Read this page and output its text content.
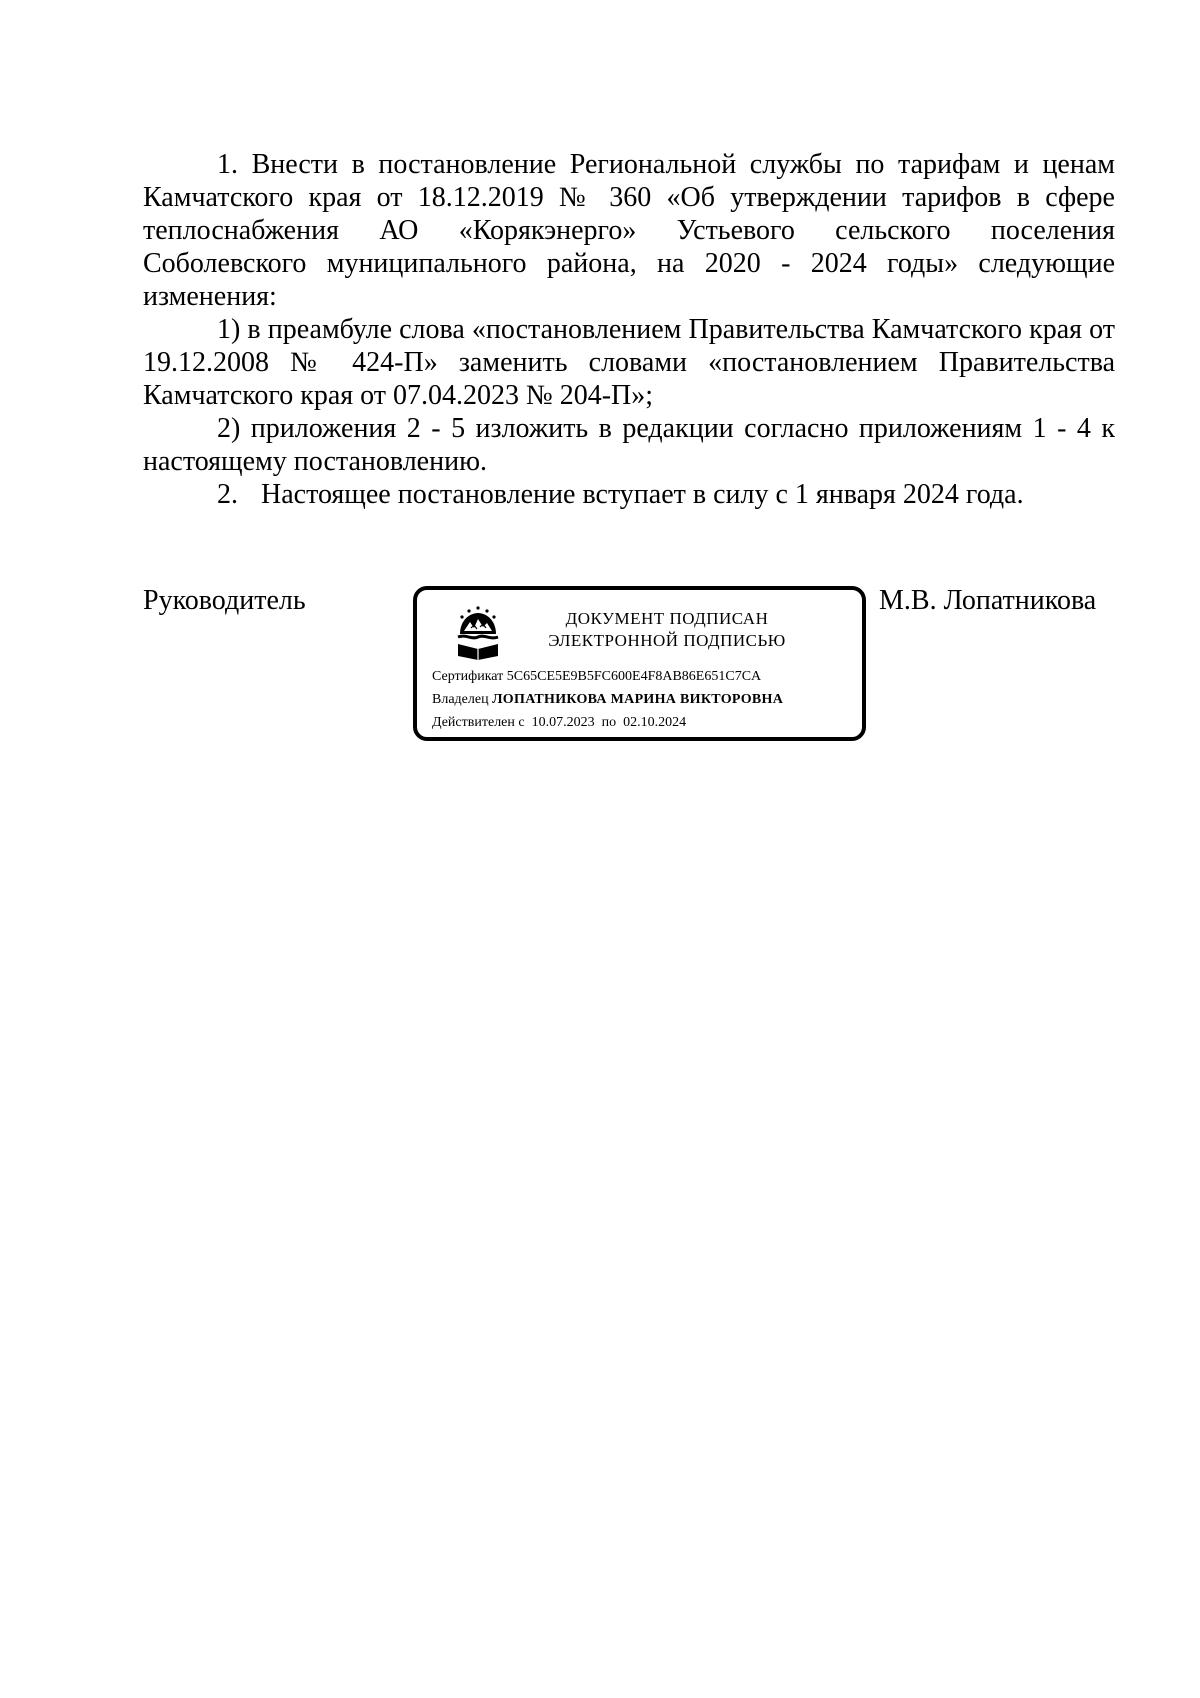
1. Внести в постановление Региональной службы по тарифам и ценам Камчатского края от 18.12.2019 № 360 «Об утверждении тарифов в сфере теплоснабжения АО «Корякэнерго» Устьевого сельского поселения Соболевского муниципального района, на 2020 - 2024 годы» следующие изменения:

1) в преамбуле слова «постановлением Правительства Камчатского края от 19.12.2008 № 424-П» заменить словами «постановлением Правительства Камчатского края от 07.04.2023 № 204-П»;

2) приложения 2 - 5 изложить в редакции согласно приложениям 1 - 4 к настоящему постановлению.

2. Настоящее постановление вступает в силу с 1 января 2024 года.

Руководитель
ДОКУМЕНТ ПОДПИСАН
ЭЛЕКТРОННОЙ ПОДПИСЬЮ
Сертификат 5C65CE5E9B5FC600E4F8AB86E651C7CA
Владелец ЛОПАТНИКОВА МАРИНА ВИКТОРОВНА
Действителен с 10.07.2023 по 02.10.2024
М.В. Лопатникова
